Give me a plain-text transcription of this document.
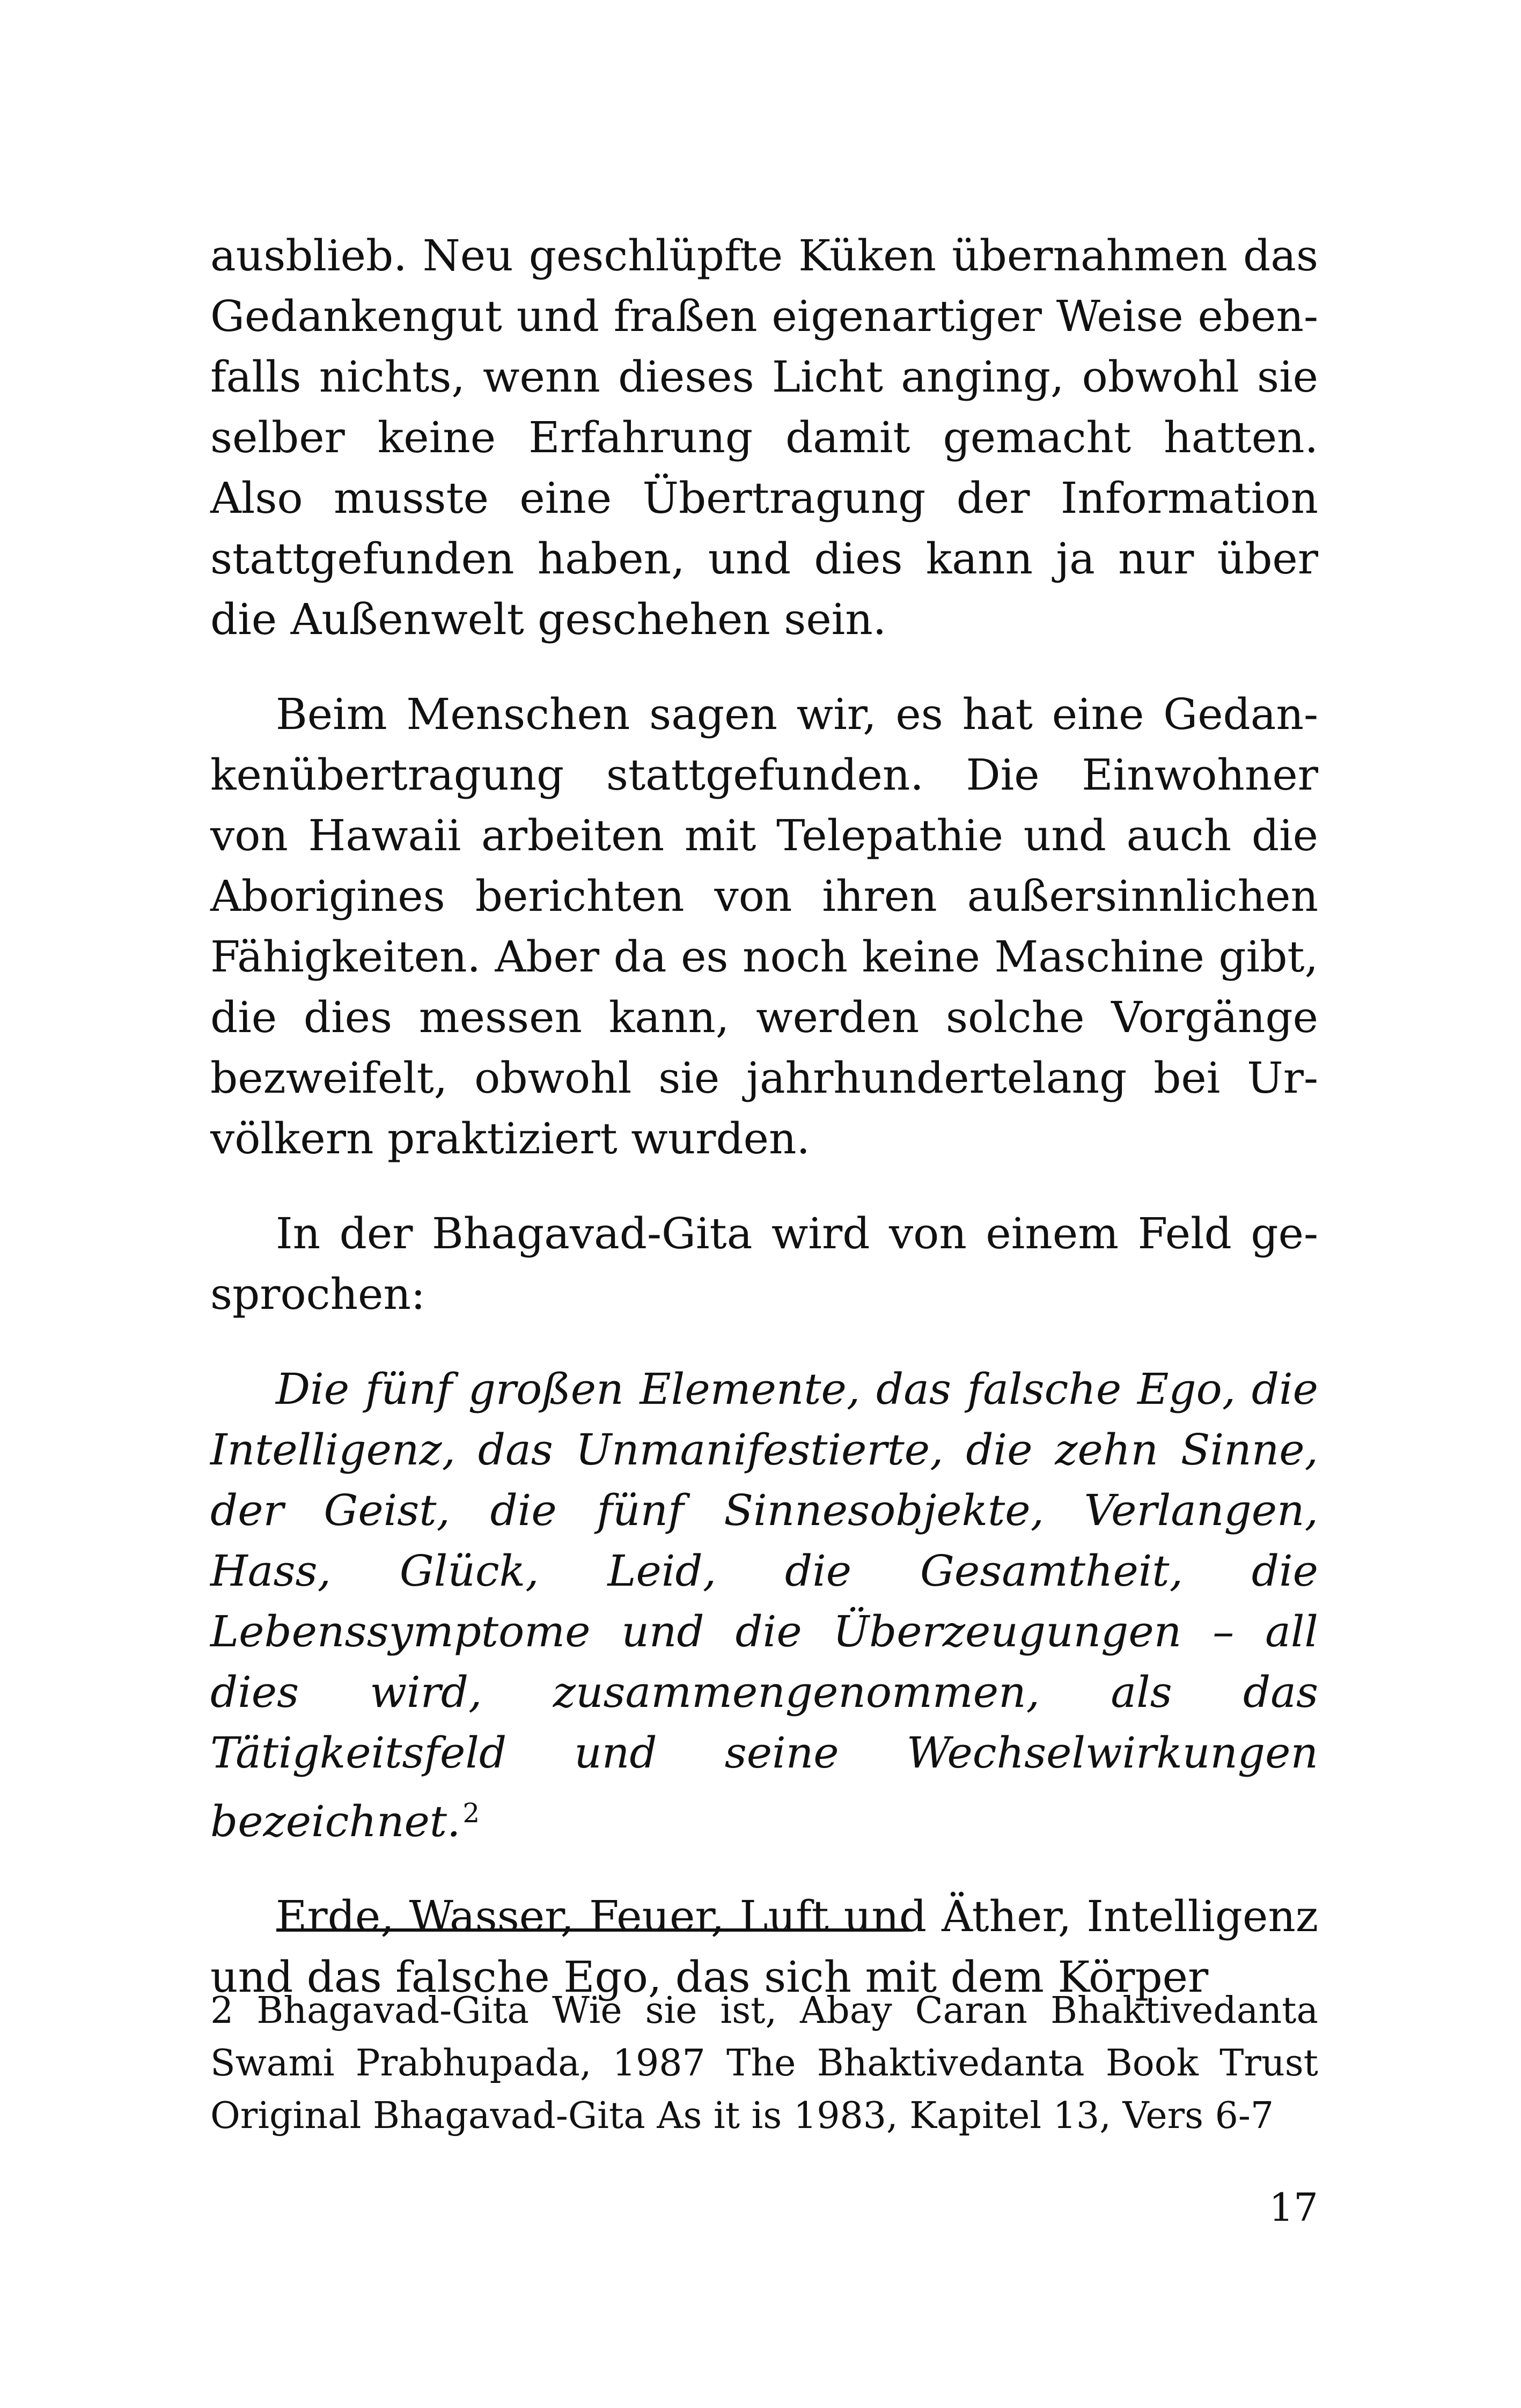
ausblieb. Neu geschlüpfte Küken übernahmen das Gedankengut und fraßen eigenartiger Weise ebenfalls nichts, wenn dieses Licht anging, obwohl sie selber keine Erfahrung damit gemacht hatten. Also musste eine Übertragung der Information stattgefunden haben, und dies kann ja nur über die Außenwelt geschehen sein.

Beim Menschen sagen wir, es hat eine Gedankenübertragung stattgefunden. Die Einwohner von Hawaii arbeiten mit Telepathie und auch die Aborigines berichten von ihren außersinnlichen Fähigkeiten. Aber da es noch keine Maschine gibt, die dies messen kann, werden solche Vorgänge bezweifelt, obwohl sie jahrhundertelang bei Urvölkern praktiziert wurden.

In der Bhagavad-Gita wird von einem Feld gesprochen:

Die fünf großen Elemente, das falsche Ego, die Intelligenz, das Unmanifestierte, die zehn Sinne, der Geist, die fünf Sinnesobjekte, Verlangen, Hass, Glück, Leid, die Gesamtheit, die Lebenssymptome und die Überzeugungen – all dies wird, zusammengenommen, als das Tätigkeitsfeld und seine Wechselwirkungen bezeichnet.$^2$

Erde, Wasser, Feuer, Luft und Äther, Intelligenz und das falsche Ego, das sich mit dem Körper

2 Bhagavad-Gita Wie sie ist, Abay Caran Bhaktivedanta Swami Prabhupada, 1987 The Bhaktivedanta Book Trust Original Bhagavad-Gita As it is 1983, Kapitel 13, Vers 6-7

17
